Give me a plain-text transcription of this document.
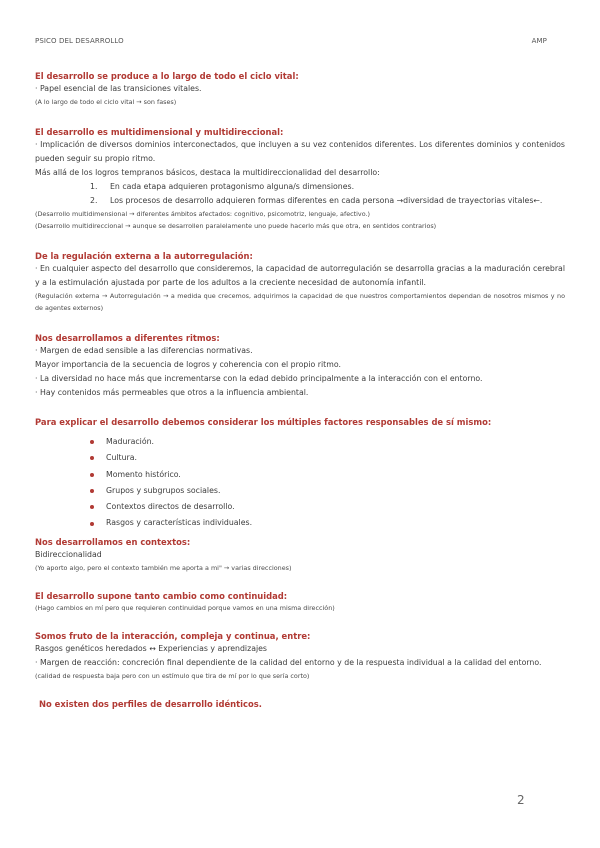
PSICO DEL DESARROLLO	AMP
El desarrollo se produce a lo largo de todo el ciclo vital:
· Papel esencial de las transiciones vitales.
(A lo largo de todo el ciclo vital → son fases)
El desarrollo es multidimensional y multidireccional:
· Implicación de diversos dominios interconectados, que incluyen a su vez contenidos diferentes. Los diferentes dominios y contenidos pueden seguir su propio ritmo.
Más allá de los logros tempranos básicos, destaca la multidireccionalidad del desarrollo:
1.	En cada etapa adquieren protagonismo alguna/s dimensiones.
2.	Los procesos de desarrollo adquieren formas diferentes en cada persona →diversidad de trayectorias vitales←.
(Desarrollo multidimensional → diferentes ámbitos afectados: cognitivo, psicomotriz, lenguaje, afectivo.)
(Desarrollo multidireccional → aunque se desarrollen paralelamente uno puede hacerlo más que otra, en sentidos contrarios)
De la regulación externa a la autorregulación:
· En cualquier aspecto del desarrollo que consideremos, la capacidad de autorregulación se desarrolla gracias a la maduración cerebral y a la estimulación ajustada por parte de los adultos a la creciente necesidad de autonomía infantil.
(Regulación externa → Autorregulación → a medida que crecemos, adquirimos la capacidad de que nuestros comportamientos dependan de nosotros mismos y no de agentes externos)
Nos desarrollamos a diferentes ritmos:
· Margen de edad sensible a las diferencias normativas.
Mayor importancia de la secuencia de logros y coherencia con el propio ritmo.
· La diversidad no hace más que incrementarse con la edad debido principalmente a la interacción con el entorno.
· Hay contenidos más permeables que otros a la influencia ambiental.
Para explicar el desarrollo debemos considerar los múltiples factores responsables de sí mismo:
Maduración.
Cultura.
Momento histórico.
Grupos y subgrupos sociales.
Contextos directos de desarrollo.
Rasgos y características individuales.
Nos desarrollamos en contextos:
Bidireccionalidad
(Yo aporto algo, pero el contexto también me aporta a mi" → varias direcciones)
El desarrollo supone tanto cambio como continuidad:
(Hago cambios en mí pero que requieren continuidad porque vamos en una misma dirección)
Somos fruto de la interacción, compleja y continua, entre:
Rasgos genéticos heredados ↔ Experiencias y aprendizajes
· Margen de reacción: concreción final dependiente de la calidad del entorno y de la respuesta individual a la calidad del entorno.
(calidad de respuesta baja pero con un estímulo que tira de mí por lo que sería corto)
No existen dos perfiles de desarrollo idénticos.
2
